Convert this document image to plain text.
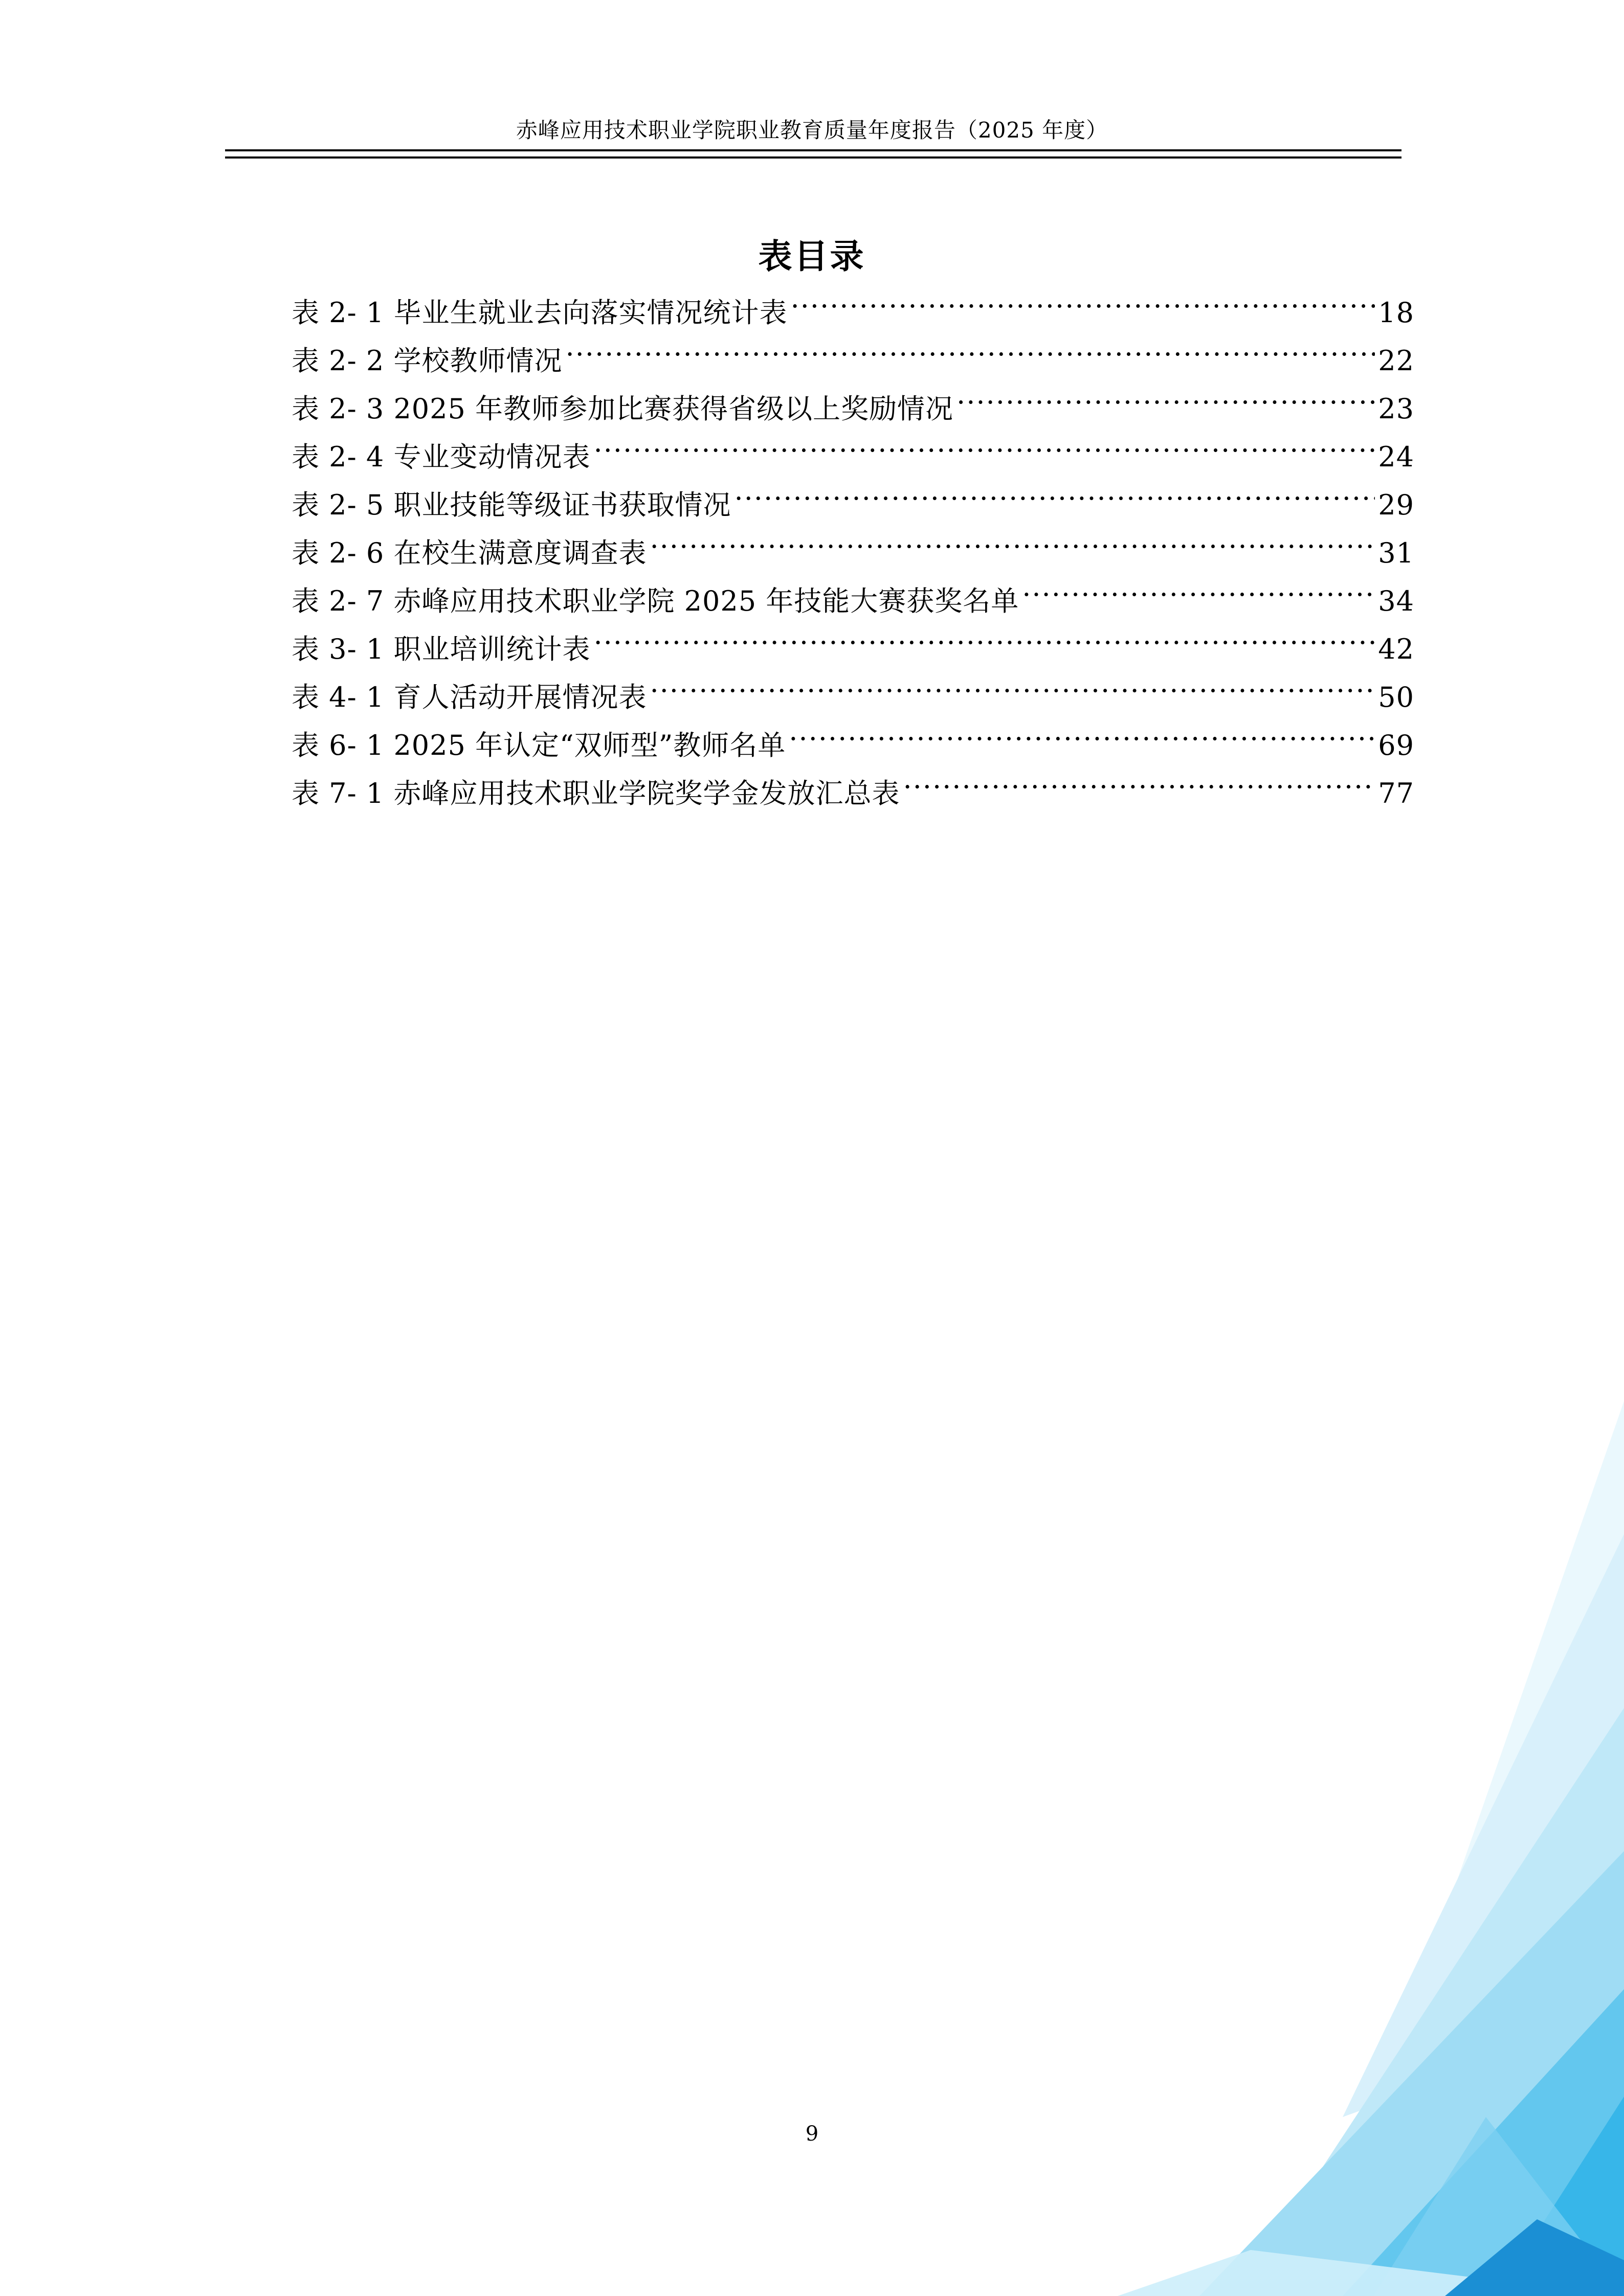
赤峰应用技术职业学院职业教育质量年度报告（2025 年度）
表目录
表 2- 1 毕业生就业去向落实情况统计表 .....	18
表 2- 2 学校教师情况 .....	22
表 2- 3 2025 年教师参加比赛获得省级以上奖励情况 .....	23
表 2- 4 专业变动情况表 .....	24
表 2- 5 职业技能等级证书获取情况 .....	29
表 2- 6 在校生满意度调查表 .....	31
表 2- 7 赤峰应用技术职业学院 2025 年技能大赛获奖名单 .....	34
表 3- 1 职业培训统计表 .....	42
表 4- 1 育人活动开展情况表 .....	50
表 6- 1 2025 年认定“双师型”教师名单 .....	69
表 7- 1 赤峰应用技术职业学院奖学金发放汇总表 .....	77
9
